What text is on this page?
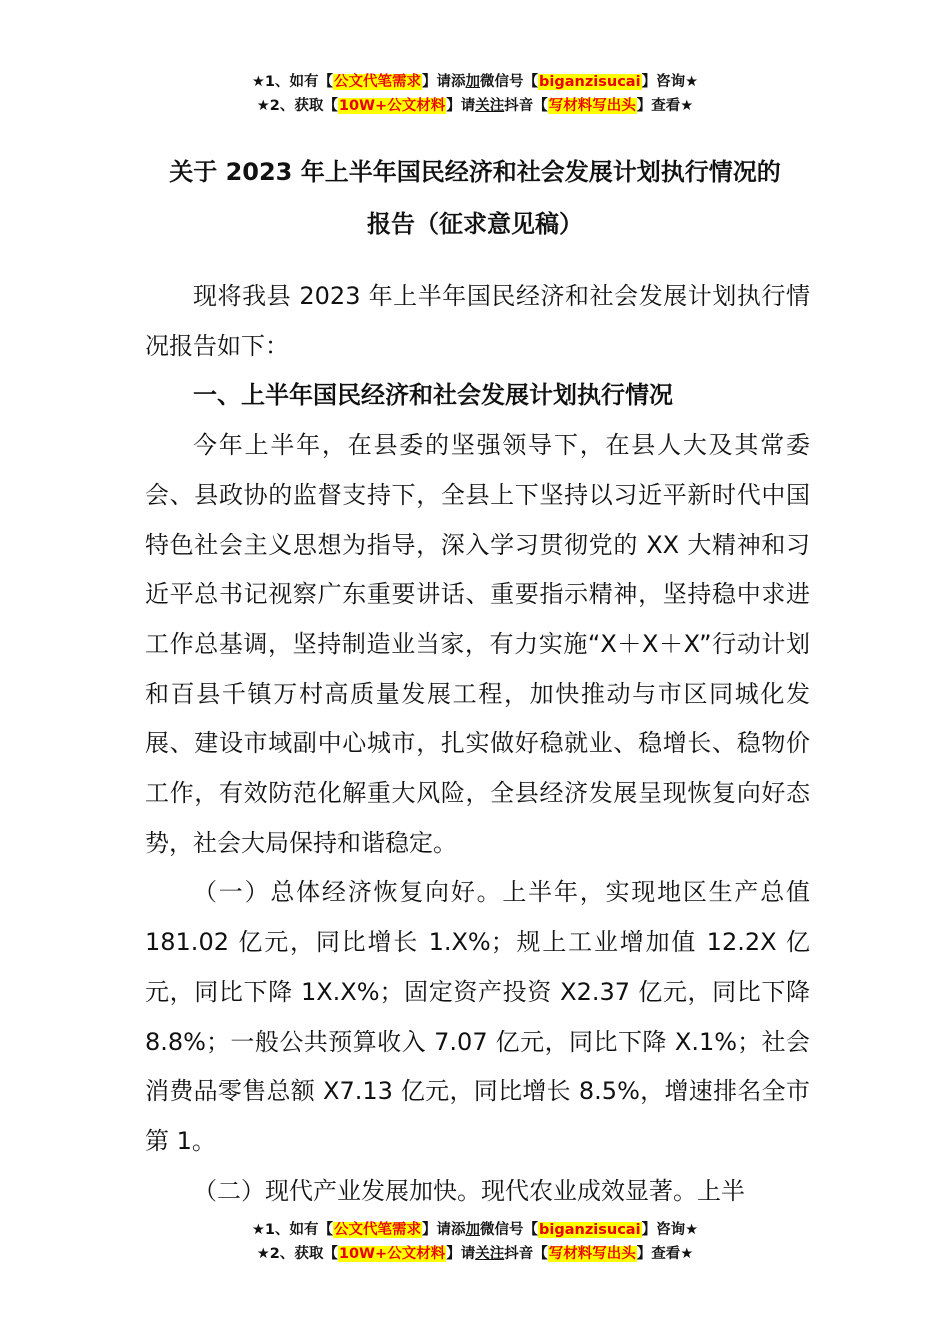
★1、如有【公文代笔需求】请添加微信号【biganzisucai】咨询★
★2、获取【10W+公文材料】请关注抖音【写材料写出头】查看★
关于 2023 年上半年国民经济和社会发展计划执行情况的
报告（征求意见稿）

现将我县 2023 年上半年国民经济和社会发展计划执行情况报告如下：

一、上半年国民经济和社会发展计划执行情况

今年上半年，在县委的坚强领导下，在县人大及其常委会、县政协的监督支持下，全县上下坚持以习近平新时代中国特色社会主义思想为指导，深入学习贯彻党的 XX 大精神和习近平总书记视察广东重要讲话、重要指示精神，坚持稳中求进工作总基调，坚持制造业当家，有力实施“X＋X＋X”行动计划和百县千镇万村高质量发展工程，加快推动与市区同城化发展、建设市域副中心城市，扎实做好稳就业、稳增长、稳物价工作，有效防范化解重大风险，全县经济发展呈现恢复向好态势，社会大局保持和谐稳定。

（一）总体经济恢复向好。上半年，实现地区生产总值 181.02 亿元，同比增长 1.X%；规上工业增加值 12.2X 亿元，同比下降 1X.X%；固定资产投资 X2.37 亿元，同比下降 8.8%；一般公共预算收入 7.07 亿元，同比下降 X.1%；社会消费品零售总额 X7.13 亿元，同比增长 8.5%，增速排名全市第 1。

（二）现代产业发展加快。现代农业成效显著。上半

★1、如有【公文代笔需求】请添加微信号【biganzisucai】咨询★
★2、获取【10W+公文材料】请关注抖音【写材料写出头】查看★
